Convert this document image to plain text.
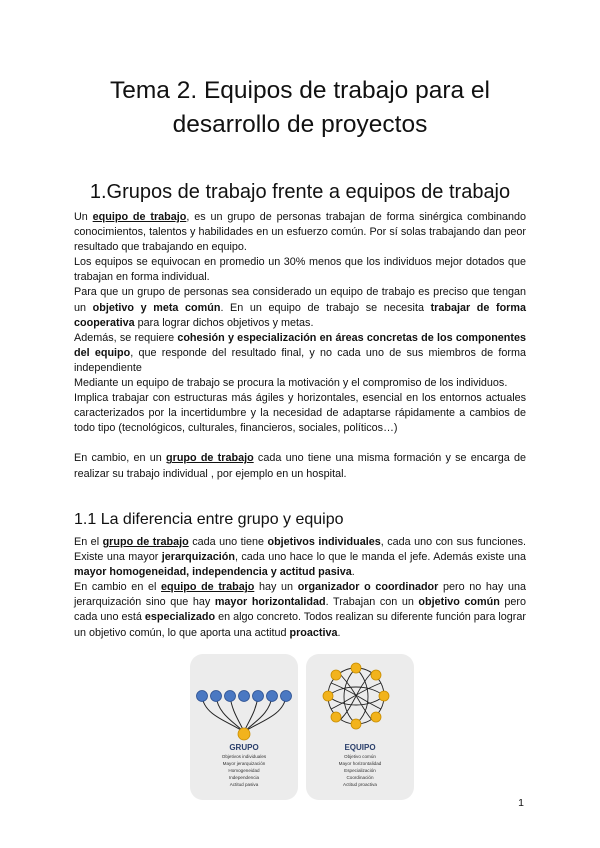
Tema 2. Equipos de trabajo para el
desarrollo de proyectos
1.Grupos de trabajo frente a equipos de trabajo

Un equipo de trabajo, es un grupo de personas trabajan de forma sinérgica combinando conocimientos, talentos y habilidades en un esfuerzo común. Por sí solas trabajando dan peor resultado que trabajando en equipo.

Los equipos se equivocan en promedio un 30% menos que los individuos mejor dotados que trabajan en forma individual.

Para que un grupo de personas sea considerado un equipo de trabajo es preciso que tengan un objetivo y meta común. En un equipo de trabajo se necesita trabajar de forma cooperativa para lograr dichos objetivos y metas.

Además, se requiere cohesión y especialización en áreas concretas de los componentes del equipo, que responde del resultado final, y no cada uno de sus miembros de forma independiente

Mediante un equipo de trabajo se procura la motivación y el compromiso de los individuos.

Implica trabajar con estructuras más ágiles y horizontales, esencial en los entornos actuales caracterizados por la incertidumbre y la necesidad de adaptarse rápidamente a cambios de todo tipo (tecnológicos, culturales, financieros, sociales, políticos…)

En cambio, en un grupo de trabajo cada uno tiene una misma formación y se encarga de realizar su trabajo individual , por ejemplo en un hospital.

1.1 La diferencia entre grupo y equipo

En el grupo de trabajo cada uno tiene objetivos individuales, cada uno con sus funciones. Existe una mayor jerarquización, cada uno hace lo que le manda el jefe. Además existe una mayor homogeneidad, independencia y actitud pasiva.

En cambio en el equipo de trabajo hay un organizador o coordinador pero no hay una jerarquización sino que hay mayor horizontalidad. Trabajan con un objetivo común pero cada uno está especializado en algo concreto. Todos realizan su diferente función para lograr un objetivo común, lo que aporta una actitud proactiva.

GRUPO
Objetivos individuales
Mayor jerarquización
Homogeneidad
Independencia
Actitud pasiva
EQUIPO
Objetivo común
Mayor horizontalidad
Especialización
Coordinación
Actitud proactiva
1
